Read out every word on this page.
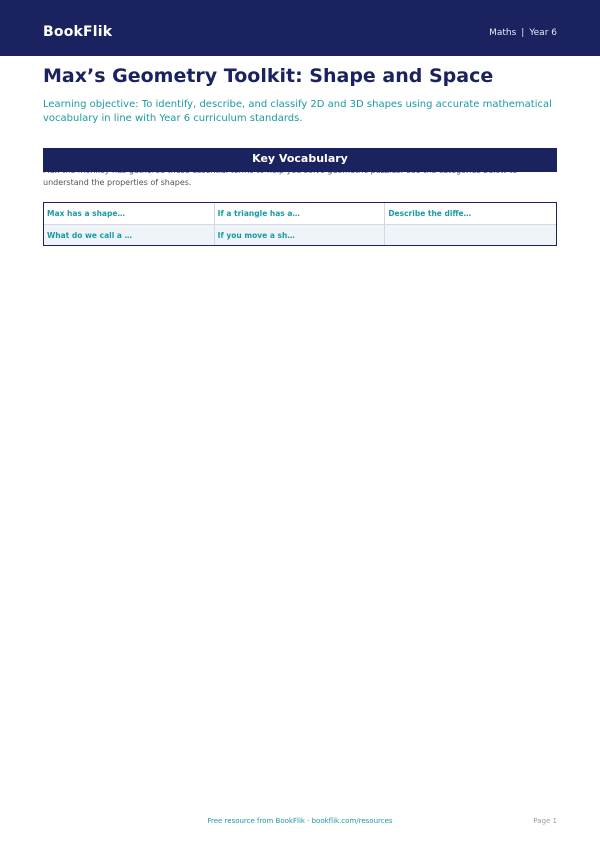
BookFlik	Maths | Year 6
Max’s Geometry Toolkit: Shape and Space

Learning objective: To identify, describe, and classify 2D and 3D shapes using accurate mathematical vocabulary in line with Year 6 curriculum standards.

Key Vocabulary

understand the properties of shapes.

Max has a shape…	If a triangle has a…	Describe the diffe…
What do we call a …	If you move a sh…
Free resource from BookFlik · bookflik.com/resources	Page 1
